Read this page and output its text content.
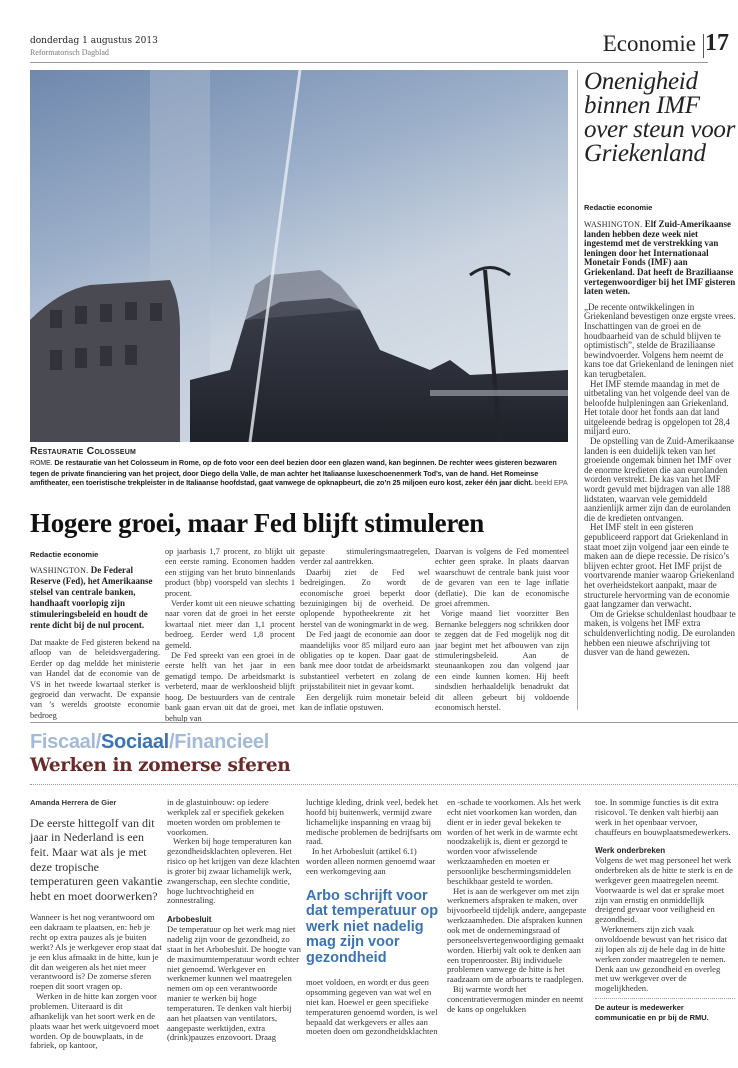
donderdag 1 augustus 2013
Reformatorisch Dagblad	Economie 17
Restauratie Colosseum
ROME. De restauratie van het Colosseum in Rome, op de foto voor een deel bezien door een glazen wand, kan beginnen. De rechter wees gisteren bezwaren tegen de private financiering van het project, door Diego della Valle, de man achter het Italiaanse luxeschoenenmerk Tod’s, van de hand. Het Romeinse amfitheater, een toeristische trekpleister in de Italiaanse hoofdstad, gaat vanwege de opknapbeurt, die zo’n 25 miljoen euro kost, zeker één jaar dicht. beeld EPA
Onenigheid binnen IMF over steun voor Griekenland
Redactie economie

WASHINGTON. Elf Zuid-Amerikaanse landen hebben deze week niet ingestemd met de verstrekking van leningen door het Internationaal Monetair Fonds (IMF) aan Griekenland. Dat heeft de Braziliaanse vertegenwoordiger bij het IMF gisteren laten weten.

„De recente ontwikkelingen in Griekenland bevestigen onze ergste vrees. Inschattingen van de groei en de houdbaarheid van de schuld blijven te optimistisch”, stelde de Braziliaanse bewindvoerder. Volgens hem neemt de kans toe dat Griekenland de leningen niet kan terugbetalen.

Het IMF stemde maandag in met de uitbetaling van het volgende deel van de beloofde hulpleningen aan Griekenland. Het totale door het fonds aan dat land uitgeleende bedrag is opgelopen tot 28,4 miljard euro.

De opstelling van de Zuid-Amerikaanse landen is een duidelijk teken van het groeiende ongemak binnen het IMF over de enorme kredieten die aan eurolanden worden verstrekt. De kas van het IMF wordt gevuld met bijdragen van alle 188 lidstaten, waarvan vele gemiddeld aanzienlijk armer zijn dan de eurolanden die de kredieten ontvangen.

Het IMF stelt in een gisteren gepubliceerd rapport dat Griekenland in staat moet zijn volgend jaar een einde te maken aan de diepe recessie. De risico’s blijven echter groot. Het IMF prijst de voortvarende manier waarop Griekenland het overheidstekort aanpakt, maar de structurele hervorming van de economie gaat langzamer dan verwacht.

Om de Griekse schuldenlast houdbaar te maken, is volgens het IMF extra schuldenverlichting nodig. De eurolanden hebben een nieuwe afschrijving tot dusver van de hand gewezen.

Hogere groei, maar Fed blijft stimuleren
Redactie economie

WASHINGTON. De Federal Reserve (Fed), het Amerikaanse stelsel van centrale banken, handhaaft voorlopig zijn stimuleringsbeleid en houdt de rente dicht bij de nul procent.

Dat maakte de Fed gisteren bekend na afloop van de beleidsvergadering. Eerder op dag meldde het ministerie van Handel dat de economie van de VS in het tweede kwartaal sterker is gegroeid dan verwacht. De expansie van ’s werelds grootste economie bedroeg

op jaarbasis 1,7 procent, zo blijkt uit een eerste raming. Economen hadden een stijging van het bruto binnenlands product (bbp) voorspeld van slechts 1 procent.

Verder komt uit een nieuwe schatting naar voren dat de groei in het eerste kwartaal niet meer dan 1,1 procent bedroeg. Eerder werd 1,8 procent gemeld.

De Fed spreekt van een groei in de eerste helft van het jaar in een gematigd tempo. De arbeidsmarkt is verbeterd, maar de werkloosheid blijft hoog. De bestuurders van de centrale bank gaan ervan uit dat de groei, met behulp van

gepaste stimuleringsmaatregelen, verder zal aantrekken.

Daarbij ziet de Fed wel bedreigingen. Zo wordt de economische groei beperkt door bezuinigingen bij de overheid. De oplopende hypotheekrente zit het herstel van de woningmarkt in de weg.

De Fed jaagt de economie aan door maandelijks voor 85 miljard euro aan obligaties op te kopen. Daar gaat de bank mee door totdat de arbeidsmarkt substantieel verbetert en zolang de prijsstabiliteit niet in gevaar komt.

Een dergelijk ruim monetair beleid kan de inflatie opstuwen.

Daarvan is volgens de Fed momenteel echter geen sprake. In plaats daarvan waarschuwt de centrale bank juist voor de gevaren van een te lage inflatie (deflatie). Die kan de economische groei afremmen.

Vorige maand liet voorzitter Ben Bernanke beleggers nog schrikken door te zeggen dat de Fed mogelijk nog dit jaar begint met het afbouwen van zijn stimuleringsbeleid. Aan de steunaankopen zou dan volgend jaar een einde kunnen komen. Hij heeft sindsdien herhaaldelijk benadrukt dat dit alleen gebeurt bij voldoende economisch herstel.

Fiscaal/Sociaal/Financieel
Werken in zomerse sferen
Amanda Herrera de Gier

De eerste hittegolf van dit jaar in Nederland is een feit. Maar wat als je met deze tropische temperaturen geen vakantie hebt en moet doorwerken?

Wanneer is het nog verantwoord om een dakraam te plaatsen, en: heb je recht op extra pauzes als je buiten werkt? Als je werkgever erop staat dat je een klus afmaakt in de hitte, kun je dit dan weigeren als het niet meer verantwoord is? De zomerse sferen roepen dit soort vragen op.

Werken in de hitte kan zorgen voor problemen. Uiteraard is dit afhankelijk van het soort werk en de plaats waar het werk uitgevoerd moet worden. Op de bouwplaats, in de fabriek, op kantoor,

in de glastuinbouw: op iedere werkplek zal er specifiek gekeken moeten worden om problemen te voorkomen.

Werken bij hoge temperaturen kan gezondheidsklachten opleveren. Het risico op het krijgen van deze klachten is groter bij zwaar lichamelijk werk, zwangerschap, een slechte conditie, hoge luchtvochtigheid en zonnestraling.

Arbobesluit

De temperatuur op het werk mag niet nadelig zijn voor de gezondheid, zo staat in het Arbobesluit. De hoogte van de maximumtemperatuur wordt echter niet genoemd. Werkgever en werknemer kunnen wel maatregelen nemen om op een verantwoorde manier te werken bij hoge temperaturen. Te denken valt hierbij aan het plaatsen van ventilators, aangepaste werktijden, extra (drink)pauzes enzovoort. Draag

luchtige kleding, drink veel, bedek het hoofd bij buitenwerk, vermijd zware lichamelijke inspanning en vraag bij medische problemen de bedrijfsarts om raad.

In het Arbobesluit (artikel 6.1) worden alleen normen genoemd waar een werkomgeving aan

Arbo schrijft voor dat temperatuur op werk niet nadelig mag zijn voor gezondheid

moet voldoen, en wordt er dus geen opsomming gegeven van wat wel en niet kan. Hoewel er geen specifieke temperaturen genoemd worden, is wel bepaald dat werkgevers er alles aan moeten doen om gezondheidsklachten

en -schade te voorkomen. Als het werk echt niet voorkomen kan worden, dan dient er in ieder geval bekeken te worden of het werk in de warmte echt noodzakelijk is, dient er gezorgd te worden voor afwisselende werkzaamheden en moeten er persoonlijke beschermingsmiddelen beschikbaar gesteld te worden.

Het is aan de werkgever om met zijn werknemers afspraken te maken, over bijvoorbeeld tijdelijk andere, aangepaste werkzaamheden. Die afspraken kunnen ook met de ondernemingsraad of personeelsvertegenwoordiging gemaakt worden. Hierbij valt ook te denken aan een tropenrooster. Bij individuele problemen vanwege de hitte is het raadzaam om de arboarts te raadplegen.

Bij warmte wordt het concentratievermogen minder en neemt de kans op ongelukken

toe. In sommige functies is dit extra risicovol. Te denken valt hierbij aan werk in het openbaar vervoer, chauffeurs en bouwplaatsmedewerkers.

Werk onderbreken

Volgens de wet mag personeel het werk onderbreken als de hitte te sterk is en de werkgever geen maatregelen neemt. Voorwaarde is wel dat er sprake moet zijn van ernstig en onmiddellijk dreigend gevaar voor veiligheid en gezondheid.

Werknemers zijn zich vaak onvoldoende bewust van het risico dat zij lopen als zij de hele dag in de hitte werken zonder maatregelen te nemen. Denk aan uw gezondheid en overleg met uw werkgever over de mogelijkheden.

De auteur is medewerker communicatie en pr bij de RMU.
